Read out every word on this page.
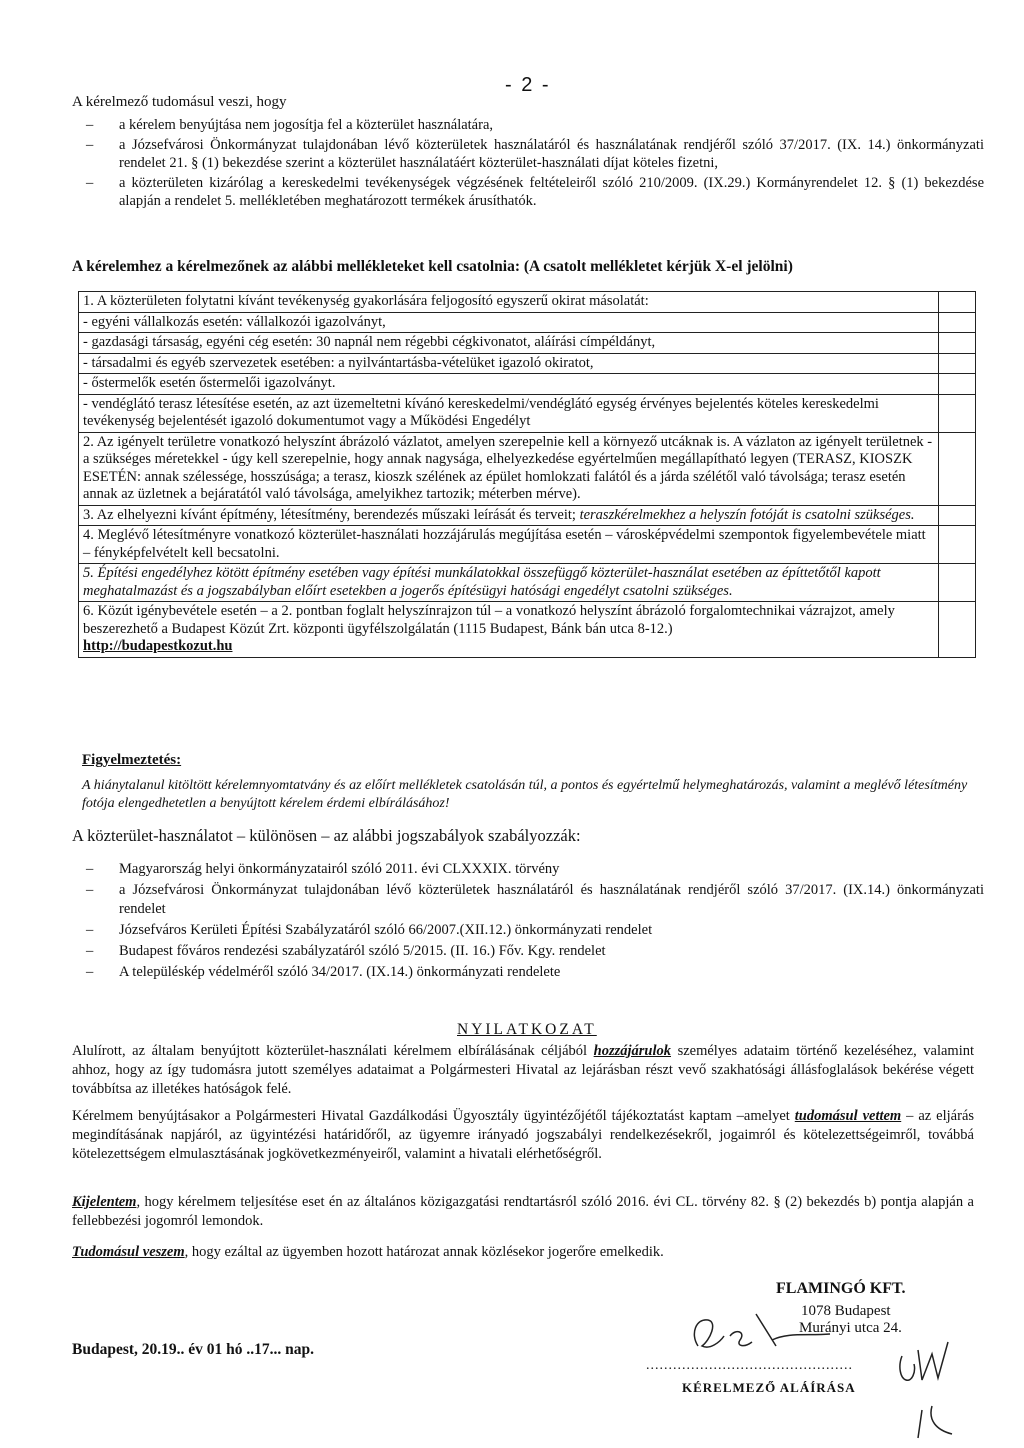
- 2 -
A kérelmező tudomásul veszi, hogy
– a kérelem benyújtása nem jogosítja fel a közterület használatára,
– a Józsefvárosi Önkormányzat tulajdonában lévő közterületek használatáról és használatának rendjéről szóló 37/2017. (IX. 14.) önkormányzati rendelet 21. § (1) bekezdése szerint a közterület használatáért közterület-használati díjat köteles fizetni,
– a közterületen kizárólag a kereskedelmi tevékenységek végzésének feltételeiről szóló 210/2009. (IX.29.) Kormányrendelet 12. § (1) bekezdése alapján a rendelet 5. mellékletében meghatározott termékek árusíthatók.
A kérelemhez a kérelmezőnek az alábbi mellékleteket kell csatolnia: (A csatolt mellékletet kérjük X-el jelölni)
1. A közterületen folytatni kívánt tevékenység gyakorlására feljogosító egyszerű okirat másolatát:	
- egyéni vállalkozás esetén: vállalkozói igazolványt,	
- gazdasági társaság, egyéni cég esetén: 30 napnál nem régebbi cégkivonatot, aláírási címpéldányt,	
- társadalmi és egyéb szervezetek esetében: a nyilvántartásba-vételüket igazoló okiratot,	
- őstermelők esetén őstermelői igazolványt.	
- vendéglátó terasz létesítése esetén, az azt üzemeltetni kívánó kereskedelmi/vendéglátó egység érvényes bejelentés köteles kereskedelmi tevékenység bejelentését igazoló dokumentumot vagy a Működési Engedélyt	
2. Az igényelt területre vonatkozó helyszínt ábrázoló vázlatot, amelyen szerepelnie kell a környező utcáknak is. A vázlaton az igényelt területnek - a szükséges méretekkel - úgy kell szerepelnie, hogy annak nagysága, elhelyezkedése egyértelműen megállapítható legyen (TERASZ, KIOSZK ESETÉN: annak szélessége, hosszúsága; a terasz, kioszk szélének az épület homlokzati falától és a járda szélétől való távolsága; terasz esetén annak az üzletnek a bejáratától való távolsága, amelyikhez tartozik; méterben mérve).	
3. Az elhelyezni kívánt építmény, létesítmény, berendezés műszaki leírását és terveit; teraszkérelmekhez a helyszín fotóját is csatolni szükséges.	
4. Meglévő létesítményre vonatkozó közterület-használati hozzájárulás megújítása esetén – városképvédelmi szempontok figyelembevétele miatt – fényképfelvételt kell becsatolni.	
5. Építési engedélyhez kötött építmény esetében vagy építési munkálatokkal összefüggő közterület-használat esetében az építtetőtől kapott meghatalmazást és a jogszabályban előírt esetekben a jogerős építésügyi hatósági engedélyt csatolni szükséges.	
6. Közút igénybevétele esetén – a 2. pontban foglalt helyszínrajzon túl – a vonatkozó helyszínt ábrázoló forgalomtechnikai vázrajzot, amely beszerezhető a Budapest Közút Zrt. központi ügyfélszolgálatán (1115 Budapest, Bánk bán utca 8-12.)
http://budapestkozut.hu	
Figyelmeztetés:
A hiánytalanul kitöltött kérelemnyomtatvány és az előírt mellékletek csatolásán túl, a pontos és egyértelmű helymeghatározás, valamint a meglévő létesítmény fotója elengedhetetlen a benyújtott kérelem érdemi elbírálásához!
A közterület-használatot – különösen – az alábbi jogszabályok szabályozzák:
– Magyarország helyi önkormányzatairól szóló 2011. évi CLXXXIX. törvény
– a Józsefvárosi Önkormányzat tulajdonában lévő közterületek használatáról és használatának rendjéről szóló 37/2017. (IX.14.) önkormányzati rendelet
– Józsefváros Kerületi Építési Szabályzatáról szóló 66/2007.(XII.12.) önkormányzati rendelet
– Budapest főváros rendezési szabályzatáról szóló 5/2015. (II. 16.) Főv. Kgy. rendelet
– A településkép védelméről szóló 34/2017. (IX.14.) önkormányzati rendelete
NYILATKOZAT
Alulírott, az általam benyújtott közterület-használati kérelmem elbírálásának céljából hozzájárulok személyes adataim történő kezeléséhez, valamint ahhoz, hogy az így tudomásra jutott személyes adataimat a Polgármesteri Hivatal az lejárásban részt vevő szakhatósági állásfoglalások bekérése végett továbbítsa az illetékes hatóságok felé.
Kérelmem benyújtásakor a Polgármesteri Hivatal Gazdálkodási Ügyosztály ügyintézőjétől tájékoztatást kaptam –amelyet tudomásul vettem – az eljárás megindításának napjáról, az ügyintézési határidőről, az ügyemre irányadó jogszabályi rendelkezésekről, jogaimról és kötelezettségeimről, továbbá kötelezettségem elmulasztásának jogkövetkezményeiről, valamint a hivatali elérhetőségről.
Kijelentem, hogy kérelmem teljesítése eset én az általános közigazgatási rendtartásról szóló 2016. évi CL. törvény 82. § (2) bekezdés b) pontja alapján a fellebbezési jogomról lemondok.
Tudomásul veszem, hogy ezáltal az ügyemben hozott határozat annak közlésekor jogerőre emelkedik.
FLAMINGÓ KFT.
1078 Budapest
Murányi utca 24.
Budapest, 20.19.. év 01 hó ..17... nap.
..............................................
KÉRELMEZŐ ALÁÍRÁSA
